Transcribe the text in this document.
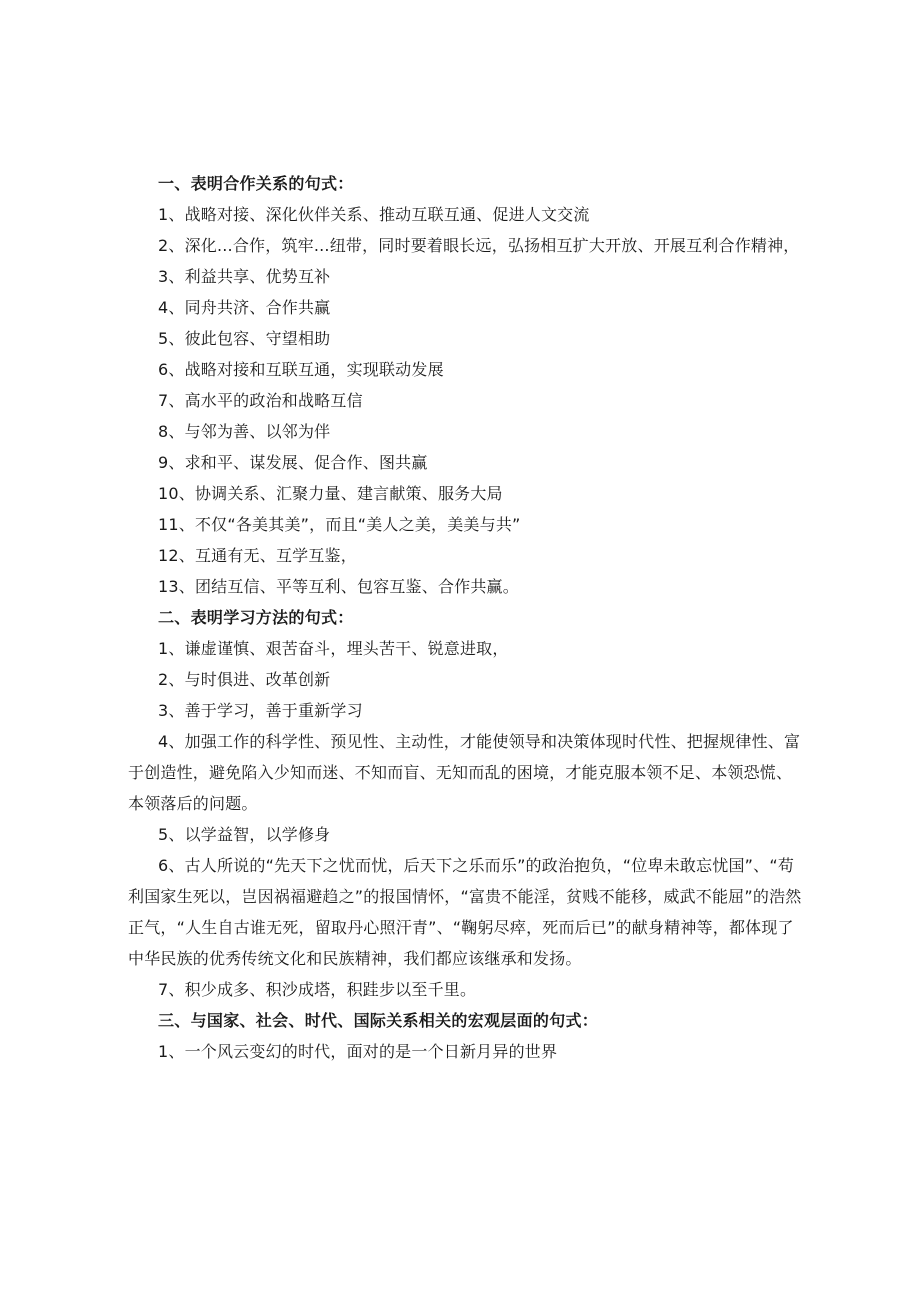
一、表明合作关系的句式：

1、战略对接、深化伙伴关系、推动互联互通、促进人文交流

2、深化...合作，筑牢...纽带，同时要着眼长远，弘扬相互扩大开放、开展互利合作精神，

3、利益共享、优势互补

4、同舟共济、合作共赢

5、彼此包容、守望相助

6、战略对接和互联互通，实现联动发展

7、高水平的政治和战略互信

8、与邻为善、以邻为伴

9、求和平、谋发展、促合作、图共赢

10、协调关系、汇聚力量、建言献策、服务大局

11、不仅“各美其美”，而且“美人之美，美美与共”

12、互通有无、互学互鉴，

13、团结互信、平等互利、包容互鉴、合作共赢。

二、表明学习方法的句式：

1、谦虚谨慎、艰苦奋斗，埋头苦干、锐意进取，

2、与时俱进、改革创新

3、善于学习，善于重新学习

4、加强工作的科学性、预见性、主动性，才能使领导和决策体现时代性、把握规律性、富于创造性，避免陷入少知而迷、不知而盲、无知而乱的困境，才能克服本领不足、本领恐慌、本领落后的问题。

5、以学益智，以学修身

6、古人所说的“先天下之忧而忧，后天下之乐而乐”的政治抱负，“位卑未敢忘忧国”、“苟利国家生死以，岂因祸福避趋之”的报国情怀，“富贵不能淫，贫贱不能移，威武不能屈”的浩然正气，“人生自古谁无死，留取丹心照汗青”、“鞠躬尽瘁，死而后已”的献身精神等，都体现了中华民族的优秀传统文化和民族精神，我们都应该继承和发扬。

7、积少成多、积沙成塔，积跬步以至千里。

三、与国家、社会、时代、国际关系相关的宏观层面的句式：

1、一个风云变幻的时代，面对的是一个日新月异的世界
